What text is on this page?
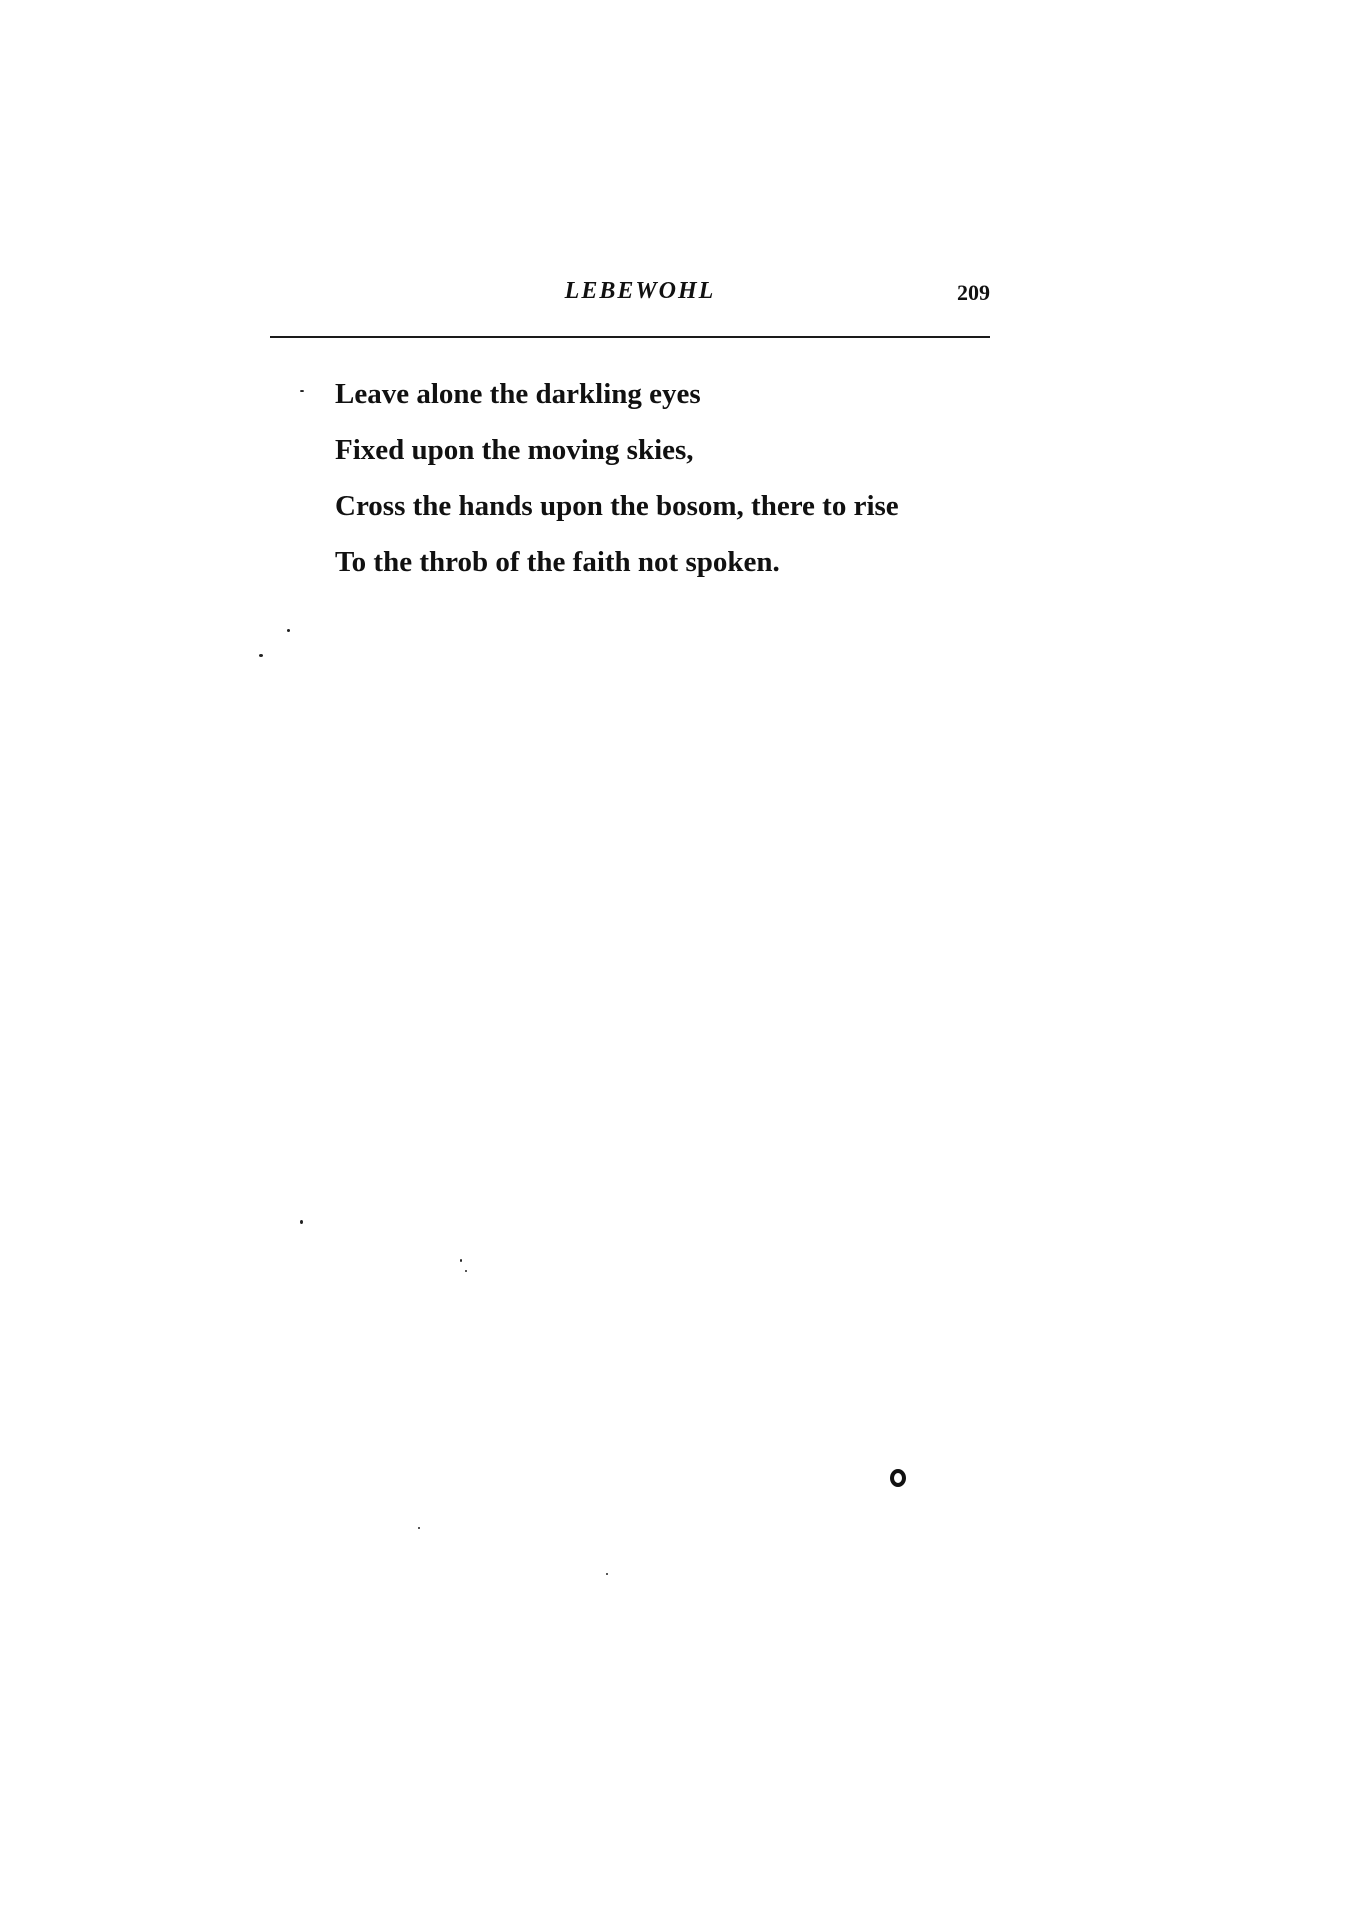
LEBEWOHL	209
Leave alone the darkling eyes
Fixed upon the moving skies,
Cross the hands upon the bosom, there to rise
To the throb of the faith not spoken.
